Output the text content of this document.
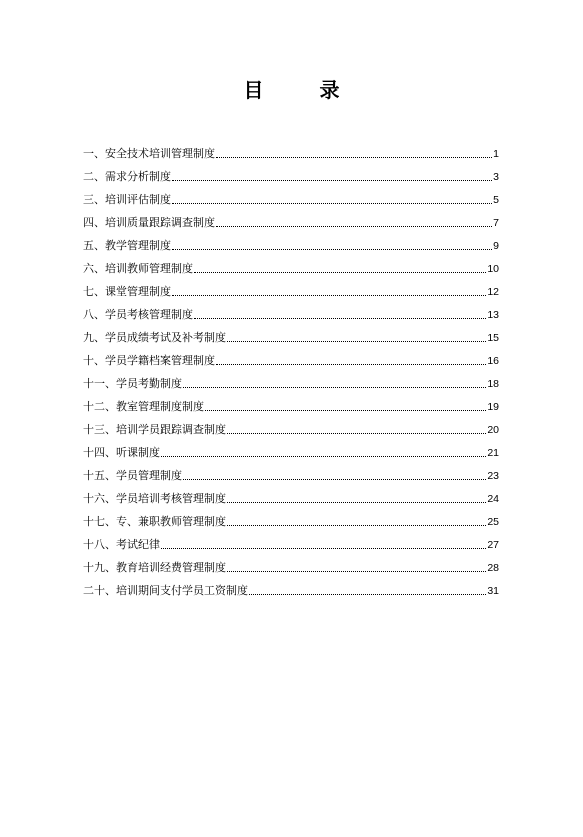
目	录
一、安全技术培训管理制度	1
二、需求分析制度	3
三、培训评估制度	5
四、培训质量跟踪调查制度	7
五、教学管理制度	9
六、培训教师管理制度	10
七、课堂管理制度	12
八、学员考核管理制度	13
九、学员成绩考试及补考制度	15
十、学员学籍档案管理制度	16
十一、学员考勤制度	18
十二、教室管理制度制度	19
十三、培训学员跟踪调查制度	20
十四、听课制度	21
十五、学员管理制度	23
十六、学员培训考核管理制度	24
十七、专、兼职教师管理制度	25
十八、考试纪律	27
十九、教育培训经费管理制度	28
二十、培训期间支付学员工资制度	31
